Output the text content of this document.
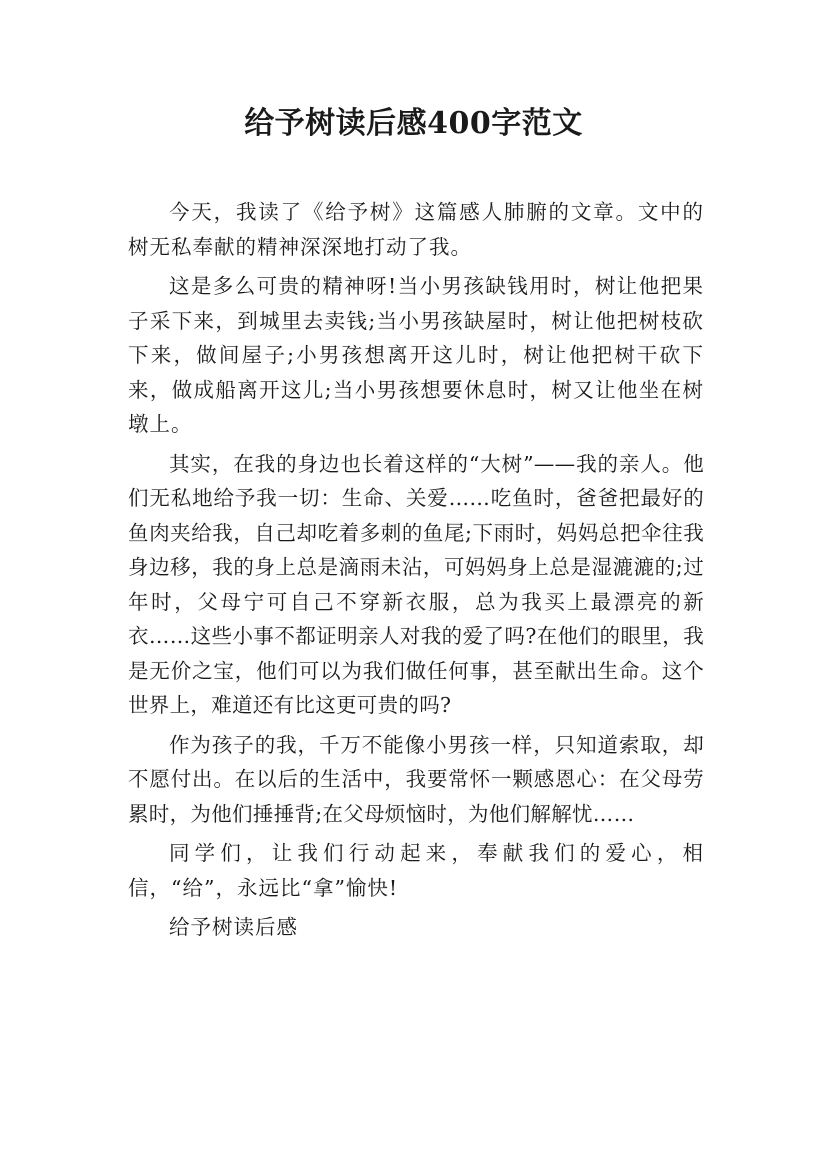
给予树读后感400字范文

今天，我读了《给予树》这篇感人肺腑的文章。文中的树无私奉献的精神深深地打动了我。

这是多么可贵的精神呀!当小男孩缺钱用时，树让他把果子采下来，到城里去卖钱;当小男孩缺屋时，树让他把树枝砍下来，做间屋子;小男孩想离开这儿时，树让他把树干砍下来，做成船离开这儿;当小男孩想要休息时，树又让他坐在树墩上。

其实，在我的身边也长着这样的“大树”——我的亲人。他们无私地给予我一切：生命、关爱……吃鱼时，爸爸把最好的鱼肉夹给我，自己却吃着多刺的鱼尾;下雨时，妈妈总把伞往我身边移，我的身上总是滴雨未沾，可妈妈身上总是湿漉漉的;过年时，父母宁可自己不穿新衣服，总为我买上最漂亮的新衣……这些小事不都证明亲人对我的爱了吗?在他们的眼里，我是无价之宝，他们可以为我们做任何事，甚至献出生命。这个世界上，难道还有比这更可贵的吗?

作为孩子的我，千万不能像小男孩一样，只知道索取，却不愿付出。在以后的生活中，我要常怀一颗感恩心：在父母劳累时，为他们捶捶背;在父母烦恼时，为他们解解忧……

同学们，让我们行动起来，奉献我们的爱心，相信，“给”，永远比“拿”愉快!

给予树读后感
